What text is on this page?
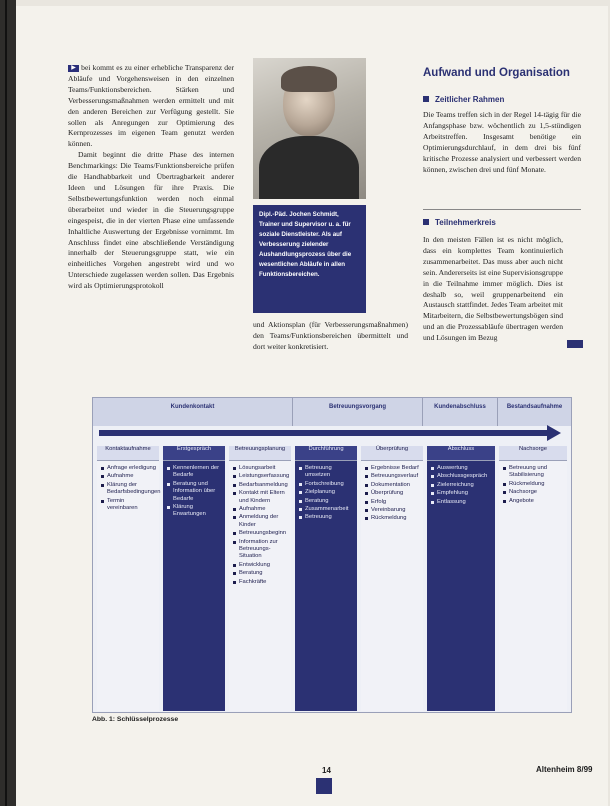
▶ bei kommt es zu einer erhebliche Transparenz der Abläufe und Vorgehensweisen in den einzelnen Teams/Funktionsbereichen. Stärken und Verbesserungsmaßnahmen werden ermittelt und mit den anderen Bereichen zur Verfügung gestellt. Sie sollen als Anregungen zur Optimierung des Kernprozesses im eigenen Team genutzt werden können.

Damit beginnt die dritte Phase des internen Benchmarkings: Die Teams/Funktionsbereiche prüfen die Handhabbarkeit und Übertragbarkeit anderer Ideen und Lösungen für ihre Praxis. Die Selbstbewertungsfunktion werden noch einmal überarbeitet und wieder in die Steuerungsgruppe eingespeist, die in der vierten Phase eine umfassende Inhaltliche Auswertung der Ergebnisse vornimmt. Im Anschluss findet eine abschließende Verständigung innerhalb der Steuerungsgruppe statt, wie ein einheitliches Vorgehen angestrebt wird und wo Unterschiede zugelassen werden sollen. Das Ergebnis wird als Optimierungsprotokoll

Dipl.-Päd. Jochen Schmidt, Trainer und Supervisor u. a. für soziale Dienstleister. Als auf Verbesserung zielender Aushandlungsprozess über die wesentlichen Abläufe in allen Funktionsbereichen.

und Aktionsplan (für Verbesserungsmaßnahmen) den Teams/Funktionsbereichen übermittelt und dort weiter konkretisiert.

Aufwand und Organisation
Zeitlicher Rahmen

Die Teams treffen sich in der Regel 14-tägig für die Anfangsphase bzw. wöchentlich zu 1,5-stündigen Arbeitstreffen. Insgesamt benötige ein Optimierungsdurchlauf, in dem drei bis fünf kritische Prozesse analysiert und verbessert werden können, zwischen drei und fünf Monate.

Teilnehmerkreis

In den meisten Fällen ist es nicht möglich, dass ein komplettes Team kontinuierlich zusammenarbeitet. Das muss aber auch nicht sein. Andererseits ist eine Supervisionsgruppe in die Teilnahme immer möglich. Dies ist deshalb so, weil gruppenarbeitend ein Austausch stattfindet. Jedes Team arbeitet mit Mitarbeitern, die Selbstbewertungsbögen sind und an die Prozessabläufe übertragen werden und Lösungen im Bezug

Kundenkontakt	Betreuungsvorgang	Kundenabschluss	Bestandsaufnahme
Kontaktaufnahme
Anfrage erledigung
Aufnahme
Klärung der Bedarfsbedingungen
Termin vereinbaren
Erstgespräch
Kennenlernen der Bedarfe
Beratung und Information über Bedarfe
Klärung Erwartungen
Betreuungsplanung
Lösungsarbeit
Leistungserfassung
Bedarfsanmeldung
Kontakt mit Eltern und Kindern
Aufnahme
Anmeldung der Kinder
Betreuungsbeginn
Information zur Betreuungs-Situation
Entwicklung
Beratung
Fachkräfte
Durchführung
Betreuung umsetzen
Fortschreibung
Zielplanung
Beratung
Zusammenarbeit
Betreuung
Überprüfung
Ergebnisse Bedarf
Betreuungsverlauf
Dokumentation
Überprüfung
Erfolg
Vereinbarung
Rückmeldung
Abschluss
Auswertung
Abschlussgespräch
Zielerreichung
Empfehlung
Entlassung
Nachsorge
Betreuung und Stabilisierung
Rückmeldung
Nachsorge
Angebote
Abb. 1: Schlüsselprozesse
14	Altenheim 8/99
